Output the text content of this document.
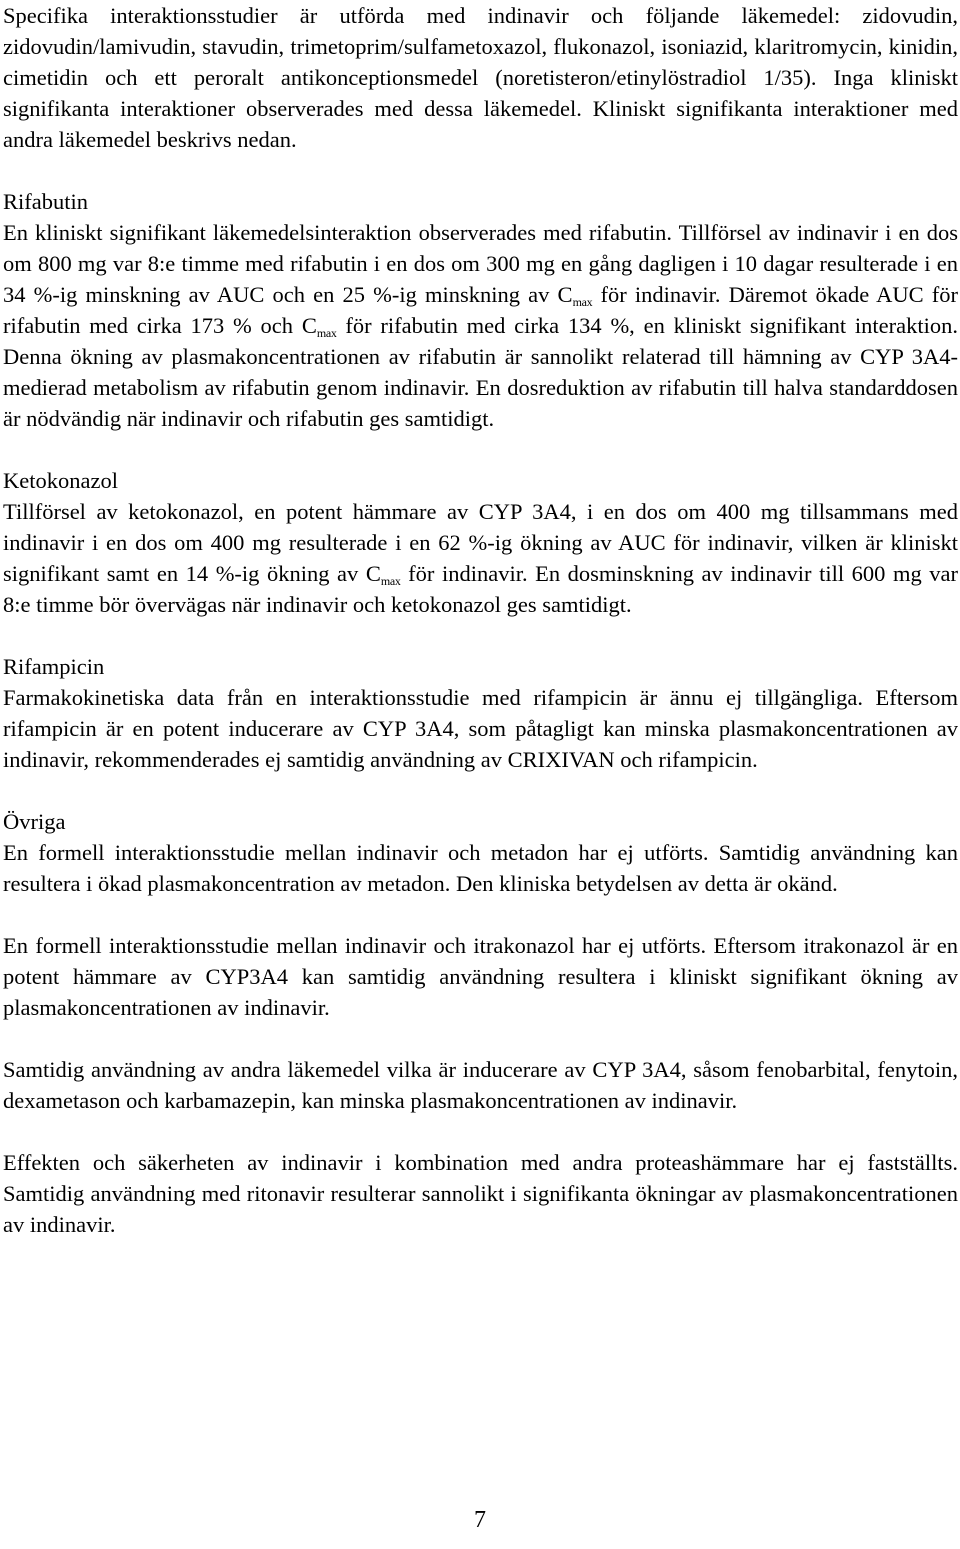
Specifika interaktionsstudier är utförda med indinavir och följande läkemedel: zidovudin, zidovudin/lamivudin, stavudin, trimetoprim/sulfametoxazol, flukonazol, isoniazid, klaritromycin, kinidin, cimetidin och ett peroralt antikonceptionsmedel (noretisteron/etinylöstradiol 1/35). Inga kliniskt signifikanta interaktioner observerades med dessa läkemedel. Kliniskt signifikanta interaktioner med andra läkemedel beskrivs nedan.

Rifabutin

En kliniskt signifikant läkemedelsinteraktion observerades med rifabutin. Tillförsel av indinavir i en dos om 800 mg var 8:e timme med rifabutin i en dos om 300 mg en gång dagligen i 10 dagar resulterade i en 34 %-ig minskning av AUC och en 25 %-ig minskning av $C_{max}$ för indinavir. Däremot ökade AUC för rifabutin med cirka 173 % och $C_{max}$ för rifabutin med cirka 134 %, en kliniskt signifikant interaktion. Denna ökning av plasmakoncentrationen av rifabutin är sannolikt relaterad till hämning av CYP 3A4-medierad metabolism av rifabutin genom indinavir. En dosreduktion av rifabutin till halva standarddosen är nödvändig när indinavir och rifabutin ges samtidigt.

Ketokonazol

Tillförsel av ketokonazol, en potent hämmare av CYP 3A4, i en dos om 400 mg tillsammans med indinavir i en dos om 400 mg resulterade i en 62 %-ig ökning av AUC för indinavir, vilken är kliniskt signifikant samt en 14 %-ig ökning av $C_{max}$ för indinavir. En dosminskning av indinavir till 600 mg var 8:e timme bör övervägas när indinavir och ketokonazol ges samtidigt.

Rifampicin

Farmakokinetiska data från en interaktionsstudie med rifampicin är ännu ej tillgängliga. Eftersom rifampicin är en potent inducerare av CYP 3A4, som påtagligt kan minska plasmakoncentrationen av indinavir, rekommenderades ej samtidig användning av CRIXIVAN och rifampicin.

Övriga

En formell interaktionsstudie mellan indinavir och metadon har ej utförts. Samtidig användning kan resultera i ökad plasmakoncentration av metadon. Den kliniska betydelsen av detta är okänd.

En formell interaktionsstudie mellan indinavir och itrakonazol har ej utförts. Eftersom itrakonazol är en potent hämmare av CYP3A4 kan samtidig användning resultera i kliniskt signifikant ökning av plasmakoncentrationen av indinavir.

Samtidig användning av andra läkemedel vilka är inducerare av CYP 3A4, såsom fenobarbital, fenytoin, dexametason och karbamazepin, kan minska plasmakoncentrationen av indinavir.

Effekten och säkerheten av indinavir i kombination med andra proteashämmare har ej fastställts. Samtidig användning med ritonavir resulterar sannolikt i signifikanta ökningar av plasmakoncentrationen av indinavir.

7
